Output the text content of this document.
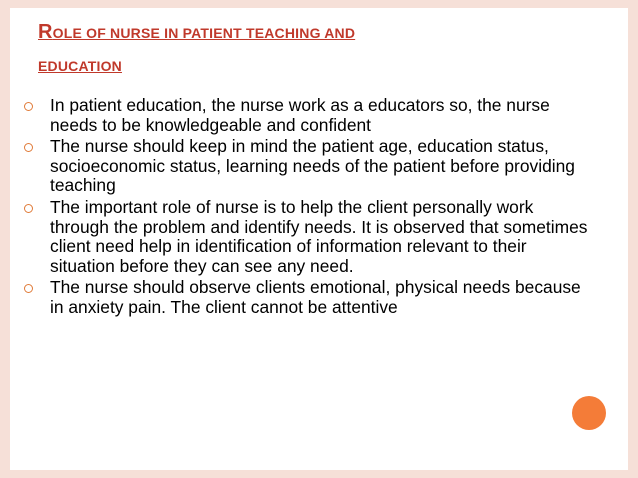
ROLE OF NURSE IN PATIENT TEACHING AND
EDUCATION
In patient education, the nurse work as a educators so, the nurse needs to be knowledgeable and confident
The nurse should keep in mind the patient age, education status, socioeconomic status, learning needs of the patient before providing teaching
The important role of nurse is to help the client personally work through the problem and identify needs. It is observed that sometimes client need help in identification of information relevant to their situation before they can see any need.
The nurse should observe clients emotional, physical needs because in anxiety pain. The client cannot be attentive
